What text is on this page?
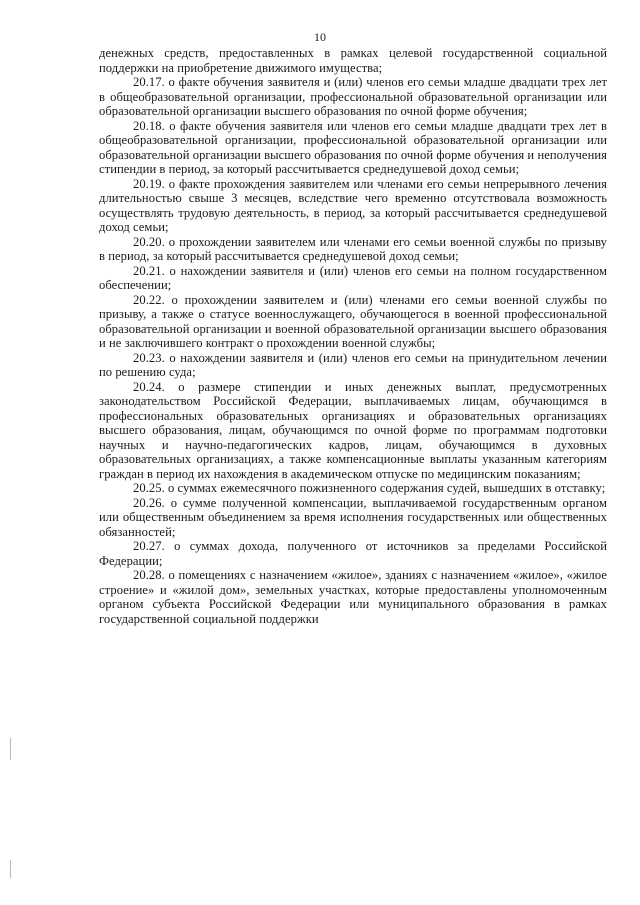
10

денежных средств, предоставленных в рамках целевой государственной социальной поддержки на приобретение движимого имущества;

20.17. о факте обучения заявителя и (или) членов его семьи младше двадцати трех лет в общеобразовательной организации, профессиональной образовательной организации или образовательной организации высшего образования по очной форме обучения;

20.18. о факте обучения заявителя или членов его семьи младше двадцати трех лет в общеобразовательной организации, профессиональной образовательной организации или образовательной организации высшего образования по очной форме обучения и неполучения стипендии в период, за который рассчитывается среднедушевой доход семьи;

20.19. о факте прохождения заявителем или членами его семьи непрерывного лечения длительностью свыше 3 месяцев, вследствие чего временно отсутствовала возможность осуществлять трудовую деятельность, в период, за который рассчитывается среднедушевой доход семьи;

20.20. о прохождении заявителем или членами его семьи военной службы по призыву в период, за который рассчитывается среднедушевой доход семьи;

20.21. о нахождении заявителя и (или) членов его семьи на полном государственном обеспечении;

20.22. о прохождении заявителем и (или) членами его семьи военной службы по призыву, а также о статусе военнослужащего, обучающегося в военной профессиональной образовательной организации и военной образовательной организации высшего образования и не заключившего контракт о прохождении военной службы;

20.23. о нахождении заявителя и (или) членов его семьи на принудительном лечении по решению суда;

20.24. о размере стипендии и иных денежных выплат, предусмотренных законодательством Российской Федерации, выплачиваемых лицам, обучающимся в профессиональных образовательных организациях и образовательных организациях высшего образования, лицам, обучающимся по очной форме по программам подготовки научных и научно-педагогических кадров, лицам, обучающимся в духовных образовательных организациях, а также компенсационные выплаты указанным категориям граждан в период их нахождения в академическом отпуске по медицинским показаниям;

20.25. о суммах ежемесячного пожизненного содержания судей, вышедших в отставку;

20.26. о сумме полученной компенсации, выплачиваемой государственным органом или общественным объединением за время исполнения государственных или общественных обязанностей;

20.27. о суммах дохода, полученного от источников за пределами Российской Федерации;

20.28. о помещениях с назначением «жилое», зданиях с назначением «жилое», «жилое строение» и «жилой дом», земельных участках, которые предоставлены уполномоченным органом субъекта Российской Федерации или муниципального образования в рамках государственной социальной поддержки
